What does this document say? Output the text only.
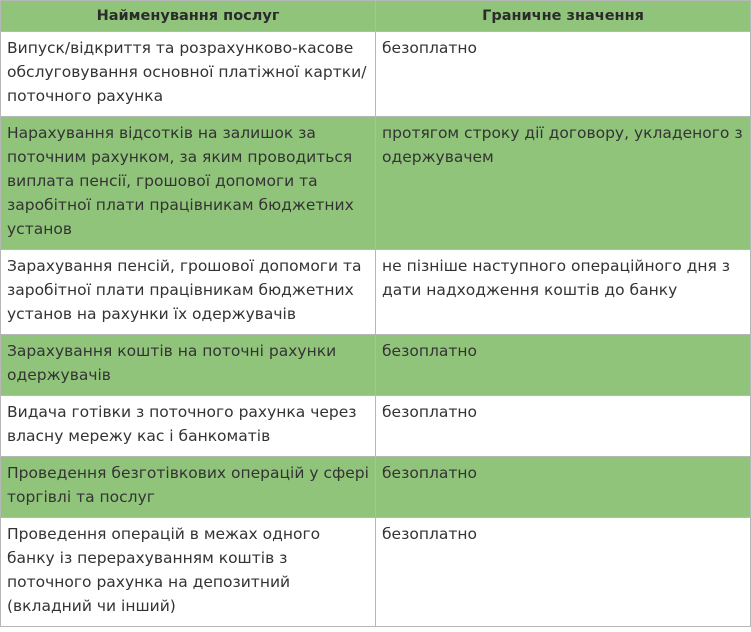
Найменування послуг	Граничне значення
Випуск/відкриття та розрахунково-касове обслуговування основної платіжної картки/поточного рахунка	безоплатно
Нарахування відсотків на залишок за поточним рахунком, за яким проводиться виплата пенсії, грошової допомоги та заробітної плати працівникам бюджетних установ	протягом строку дії договору, укладеного з одержувачем
Зарахування пенсій, грошової допомоги та заробітної плати працівникам бюджетних установ на рахунки їх одержувачів	не пізніше наступного операційного дня з дати надходження коштів до банку
Зарахування коштів на поточні рахунки одержувачів	безоплатно
Видача готівки з поточного рахунка через власну мережу кас і банкоматів	безоплатно
Проведення безготівкових операцій у сфері торгівлі та послуг	безоплатно
Проведення операцій в межах одного банку із перерахуванням коштів з поточного рахунка на депозитний (вкладний чи інший)	безоплатно
